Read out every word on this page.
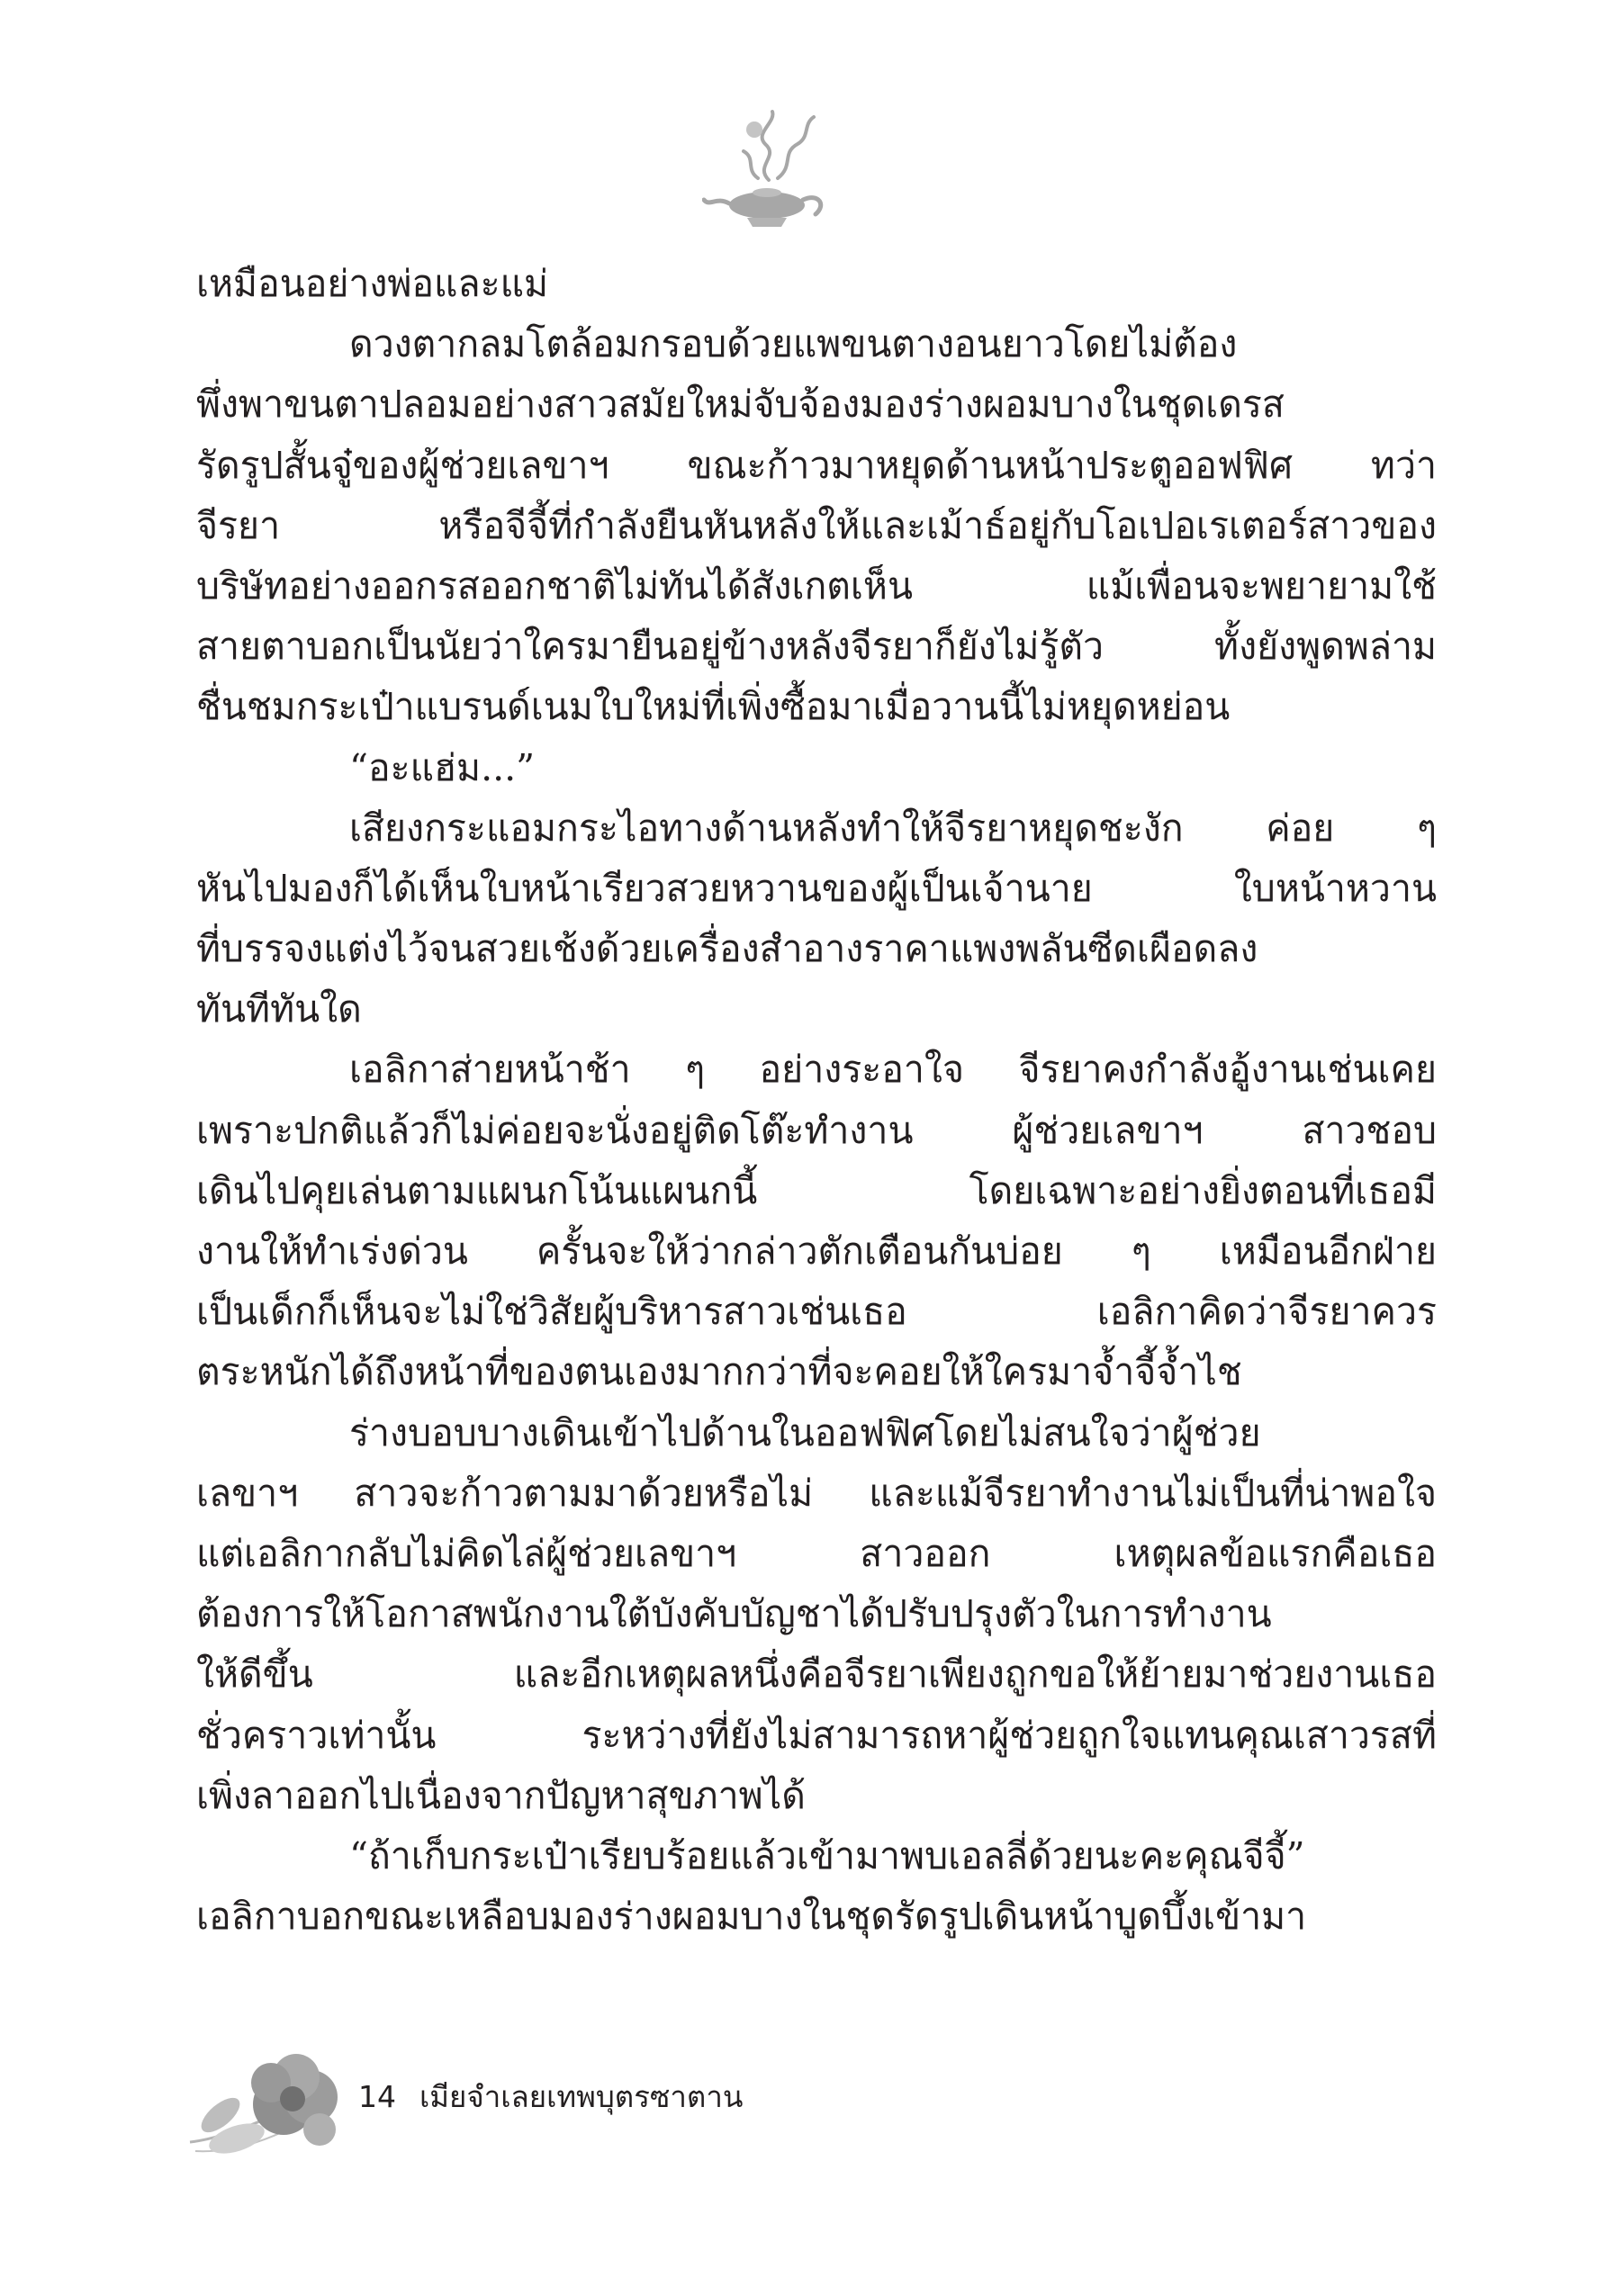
เหมือนอย่างพ่อและแม่
ดวงตากลมโตล้อมกรอบด้วยแพขนตางอนยาวโดยไม่ต้อง
พึ่งพาขนตาปลอมอย่างสาวสมัยใหม่จับจ้องมองร่างผอมบางในชุดเดรส
รัดรูปสั้นจู๋ของผู้ช่วยเลขาฯ ขณะก้าวมาหยุดด้านหน้าประตูออฟฟิศ ทว่า
จีรยา หรือจีจี้ที่กำลังยืนหันหลังให้และเม้าธ์อยู่กับโอเปอเรเตอร์สาวของ
บริษัทอย่างออกรสออกชาติไม่ทันได้สังเกตเห็น แม้เพื่อนจะพยายามใช้
สายตาบอกเป็นนัยว่าใครมายืนอยู่ข้างหลังจีรยาก็ยังไม่รู้ตัว ทั้งยังพูดพล่าม
ชื่นชมกระเป๋าแบรนด์เนมใบใหม่ที่เพิ่งซื้อมาเมื่อวานนี้ไม่หยุดหย่อน
“อะแฮ่ม...”
เสียงกระแอมกระไอทางด้านหลังทำให้จีรยาหยุดชะงัก ค่อย ๆ
หันไปมองก็ได้เห็นใบหน้าเรียวสวยหวานของผู้เป็นเจ้านาย ใบหน้าหวาน
ที่บรรจงแต่งไว้จนสวยเช้งด้วยเครื่องสำอางราคาแพงพลันซีดเผือดลง
ทันทีทันใด
เอลิกาส่ายหน้าช้า ๆ อย่างระอาใจ จีรยาคงกำลังอู้งานเช่นเคย
เพราะปกติแล้วก็ไม่ค่อยจะนั่งอยู่ติดโต๊ะทำงาน ผู้ช่วยเลขาฯ สาวชอบ
เดินไปคุยเล่นตามแผนกโน้นแผนกนี้ โดยเฉพาะอย่างยิ่งตอนที่เธอมี
งานให้ทำเร่งด่วน ครั้นจะให้ว่ากล่าวตักเตือนกันบ่อย ๆ เหมือนอีกฝ่าย
เป็นเด็กก็เห็นจะไม่ใช่วิสัยผู้บริหารสาวเช่นเธอ เอลิกาคิดว่าจีรยาควร
ตระหนักได้ถึงหน้าที่ของตนเองมากกว่าที่จะคอยให้ใครมาจ้ำจี้จ้ำไช
ร่างบอบบางเดินเข้าไปด้านในออฟฟิศโดยไม่สนใจว่าผู้ช่วย
เลขาฯ สาวจะก้าวตามมาด้วยหรือไม่ และแม้จีรยาทำงานไม่เป็นที่น่าพอใจ
แต่เอลิกากลับไม่คิดไล่ผู้ช่วยเลขาฯ สาวออก เหตุผลข้อแรกคือเธอ
ต้องการให้โอกาสพนักงานใต้บังคับบัญชาได้ปรับปรุงตัวในการทำงาน
ให้ดีขึ้น และอีกเหตุผลหนึ่งคือจีรยาเพียงถูกขอให้ย้ายมาช่วยงานเธอ
ชั่วคราวเท่านั้น ระหว่างที่ยังไม่สามารถหาผู้ช่วยถูกใจแทนคุณเสาวรสที่
เพิ่งลาออกไปเนื่องจากปัญหาสุขภาพได้
“ถ้าเก็บกระเป๋าเรียบร้อยแล้วเข้ามาพบเอลลี่ด้วยนะคะคุณจีจี้”
เอลิกาบอกขณะเหลือบมองร่างผอมบางในชุดรัดรูปเดินหน้าบูดบึ้งเข้ามา
14 เมียจำเลยเทพบุตรซาตาน
